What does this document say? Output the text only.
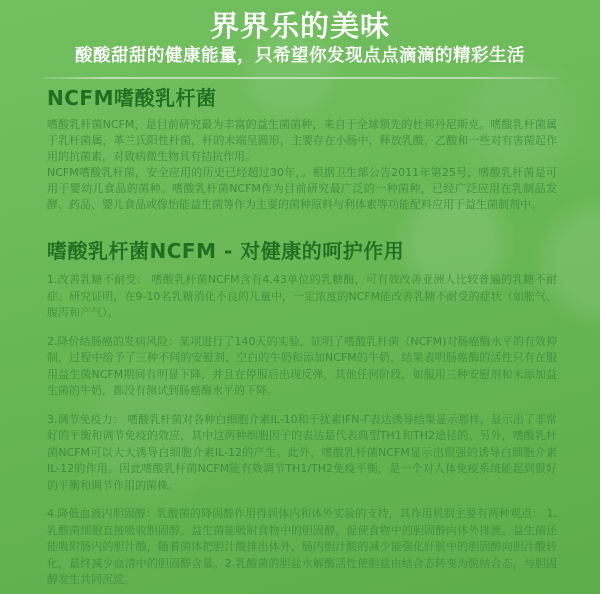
界界乐的美味
酸酸甜甜的健康能量，只希望你发现点点滴滴的精彩生活
NCFM嗜酸乳杆菌

嗜酸乳杆菌NCFM，是目前研究最为丰富的益生菌菌种，来自于全球领先的杜邦丹尼斯克。嗜酸乳杆菌属于乳杆菌属，革兰氏阳性杆菌，杆的末端呈圆形，主要存在小肠中，释放乳酸，乙酸和一些对有害菌起作用的抗菌素，对致病微生物具有拮抗作用。

NCFM嗜酸乳杆菌，安全应用的历史已经超过30年，。根据卫生部公告2011年第25号，嗜酸乳杆菌是可用于婴幼儿食品的菌种。嗜酸乳杆菌NCFM作为目前研究最广泛的一种菌种，已经广泛应用在乳制品发酵、药品、婴儿食品或像怡能益生菌等作为主要的菌种原料与利体素等功能配料应用于益生菌制剂中。

嗜酸乳杆菌NCFM - 对健康的呵护作用

1.改善乳糖不耐受： 嗜酸乳杆菌NCFM含有4.43单位的乳糖酶，可有效改善亚洲人比较普遍的乳糖不耐症。研究证明，在9-10名乳糖消化不良的儿童中，一定浓度的NCFM能改善乳糖不耐受的症状（如胀气、腹泻和产气）。

2.降价结肠癌的发病风险：某项进行了140天的实验，证明了嗜酸乳杆菌（NCFM)对肠癌酶水平的有效抑制，过程中给予了三种不同的安慰剂、空白的牛奶和添加NCFM的牛奶，结果表明肠癌酶的活性只有在服用益生菌NCFM期间有明显下降，并且在停服后出现反弹，其他任何阶段，如服用三种安慰剂和未添加益生菌的牛奶，都没有测试到肠癌酶水平的下降。

3.调节免疫力： 嗜酸乳杆菌对各种白细胞介素IL-10和干扰素IFN-Γ表达诱导结果显示那样，显示出了非常好的平衡和调节免疫的效应，其中这两种细胞因子的表达是代表典型TH1和TH2途径的。另外，嗜酸乳杆菌NCFM可以大大诱导白细胞介素IL-12的产生。此外，嗜酸乳杆菌NCFM显示出很强的诱导白细胞介素 IL-12的作用。因此嗜酸乳杆菌NCFM能有效调节TH1/TH2免疫平衡，是一个对人体免疫系统能起到很好的平衡和调节作用的菌株。

4.降低血液内胆固醇：乳酸菌的降固醇作用得到体内和体外实验的支持，其作用机制主要有两种观点： 1.乳酸菌细胞直接吸收胆固醇。益生菌能吸附食物中的胆固醇，促使食物中的胆固醇向体外排泄。益生菌还能吸附肠内的胆汁酸，随着菌体把胆汁酸排出体外，肠内胆汁酸的减少能强化肝脏中的胆固醇向胆汁酸转化，最终减少血清中的胆固醇含量。2.乳酸菌的胆盐水解酶活性使胆盐由结合态转变为脱结合态，与胆固醇发生共同沉淀。
